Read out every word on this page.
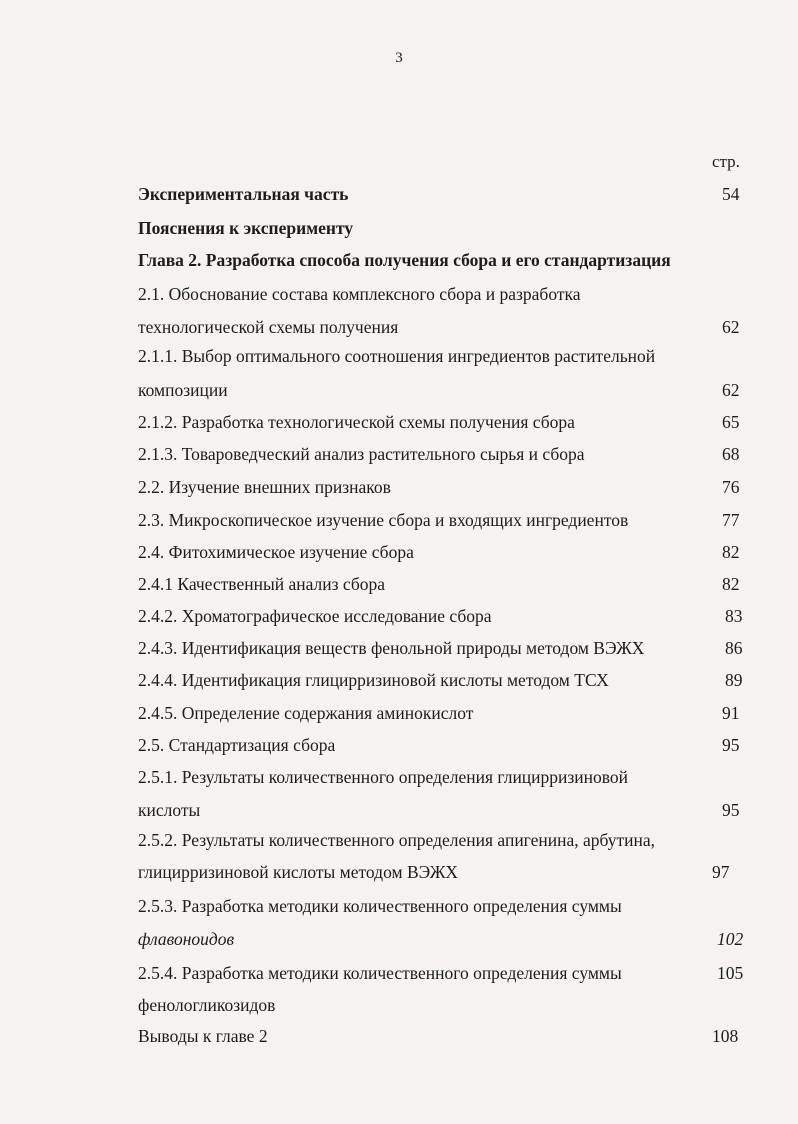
3
стр.
Экспериментальная часть	54
Пояснения к эксперименту
Глава 2. Разработка способа получения сбора и его стандартизация
2.1. Обоснование состава комплексного сбора и разработка
технологической схемы получения	62
2.1.1. Выбор оптимального соотношения ингредиентов растительной
композиции	62
2.1.2. Разработка технологической схемы получения сбора	65
2.1.3. Товароведческий анализ растительного сырья и сбора	68
2.2. Изучение внешних признаков	76
2.3. Микроскопическое изучение сбора и входящих ингредиентов	77
2.4. Фитохимическое изучение сбора	82
2.4.1 Качественный анализ сбора	82
2.4.2. Хроматографическое исследование сбора	83
2.4.3. Идентификация веществ фенольной природы методом ВЭЖХ	86
2.4.4. Идентификация глицирризиновой кислоты методом ТСХ	89
2.4.5. Определение содержания аминокислот	91
2.5. Стандартизация сбора	95
2.5.1. Результаты количественного определения глицирризиновой
кислоты	95
2.5.2. Результаты количественного определения апигенина, арбутина,
глицирризиновой кислоты методом ВЭЖХ	97
2.5.3. Разработка методики количественного определения суммы
флавоноидов	102
2.5.4. Разработка методики количественного определения суммы	105
фенологликозидов
Выводы к главе 2	108
